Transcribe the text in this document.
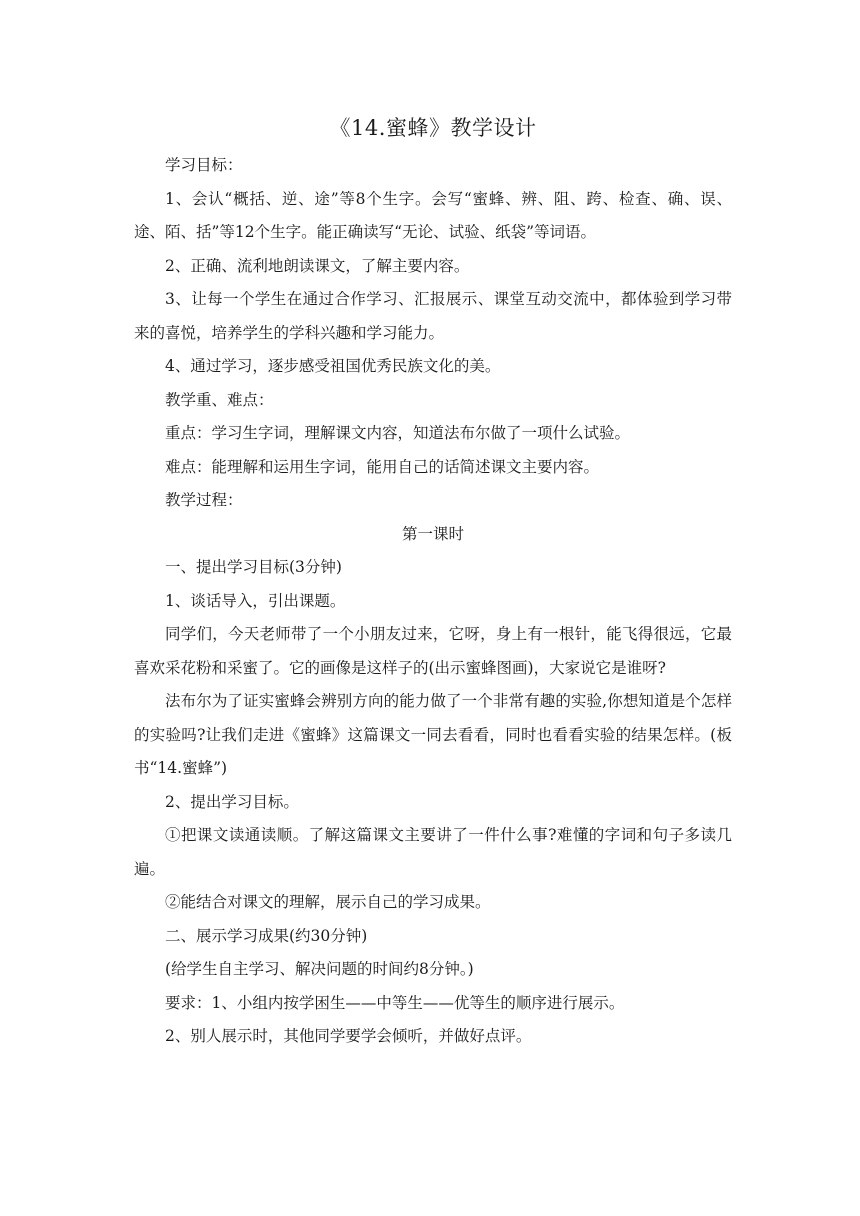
《14.蜜蜂》教学设计

学习目标：

1、会认“概括、逆、途”等8个生字。会写“蜜蜂、辨、阻、跨、检查、确、误、途、陌、括”等12个生字。能正确读写“无论、试验、纸袋”等词语。

2、正确、流利地朗读课文，了解主要内容。

3、让每一个学生在通过合作学习、汇报展示、课堂互动交流中，都体验到学习带来的喜悦，培养学生的学科兴趣和学习能力。

4、通过学习，逐步感受祖国优秀民族文化的美。

教学重、难点：

重点：学习生字词，理解课文内容，知道法布尔做了一项什么试验。

难点：能理解和运用生字词，能用自己的话简述课文主要内容。

教学过程：

第一课时

一、提出学习目标(3分钟)

1、谈话导入，引出课题。

同学们，今天老师带了一个小朋友过来，它呀，身上有一根针，能飞得很远，它最喜欢采花粉和采蜜了。它的画像是这样子的(出示蜜蜂图画)，大家说它是谁呀?

法布尔为了证实蜜蜂会辨别方向的能力做了一个非常有趣的实验,你想知道是个怎样的实验吗?让我们走进《蜜蜂》这篇课文一同去看看，同时也看看实验的结果怎样。(板书“14.蜜蜂”)

2、提出学习目标。

①把课文读通读顺。了解这篇课文主要讲了一件什么事?难懂的字词和句子多读几遍。

②能结合对课文的理解，展示自己的学习成果。

二、展示学习成果(约30分钟)

(给学生自主学习、解决问题的时间约8分钟。)

要求：1、小组内按学困生——中等生——优等生的顺序进行展示。

2、别人展示时，其他同学要学会倾听，并做好点评。
